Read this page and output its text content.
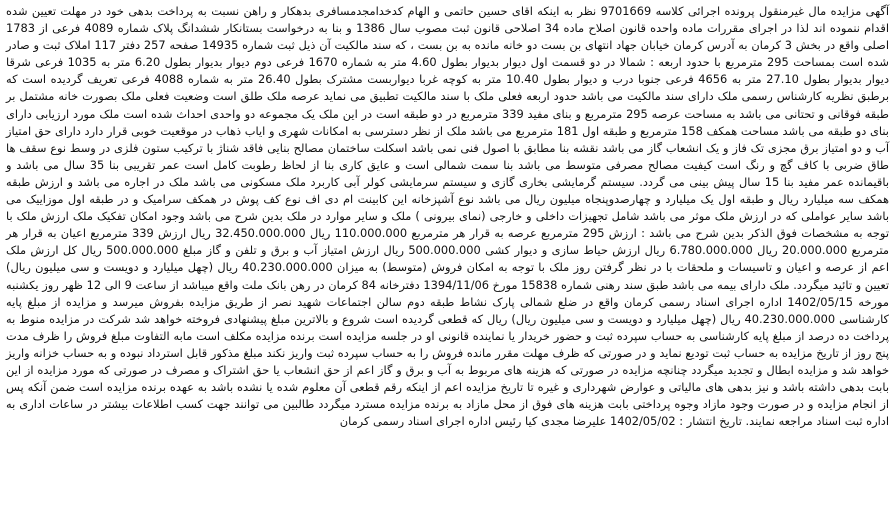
آگهی مزایده مال غیرمنقول پرونده اجرائی کلاسه 9701669 نظر به اینکه اقای حسین حاتمی و الهام کدخدامجدمسافری بدهکار و راهن نسبت به پرداخت بدهی خود در مهلت تعیین شده اقدام ننموده اند لذا در اجرای مقررات ماده واحده قانون اصلاح ماده 34 اصلاحی قانون ثبت مصوب سال 1386 و بنا به درخواست بستانکار ششدانگ پلاک شماره 4089 فرعی از 1783 اصلی واقع در بخش 3 کرمان به آدرس کرمان خیابان جهاد انتهای بن بست دو خانه مانده به بن بست ، که سند مالکیت آن ذیل ثبت شماره 14935 صفحه 257 دفتر 117 املاک ثبت و صادر شده است بمساحت 295 مترمربع با حدود اربعه : شمالا در دو قسمت اول دیوار بدیوار بطول 4.60 متر به شماره 1670 فرعی دوم دیوار بدیوار بطول 6.20 متر به 1035 فرعی شرقا دیوار بدیوار بطول 27.10 متر به 4656 فرعی جنوبا درب و دیوار بطول 10.40 متر به کوچه غربا دیواربست مشترک بطول 26.40 متر به شماره 4088 فرعی تعریف گردیده است که برطبق نظریه کارشناس رسمی ملک دارای سند مالکیت می باشد حدود اربعه فعلی ملک با سند مالکیت تطبیق می نماید عرصه ملک طلق است وضعیت فعلی ملک بصورت خانه مشتمل بر طبقه فوقانی و تحتانی می باشد به مساحت عرصه 295 مترمربع و بنای مفید 339 مترمربع در دو طبقه است در این ملک یک مجموعه دو واحدی احداث شده است ملک مورد ارزیابی دارای بنای دو طبقه می باشد مساحت همکف 158 مترمربع و طبقه اول 181 مترمربع می باشد ملک از نظر دسترسی به امکانات شهری و ایاب ذهاب در موقعیت خوبی قرار دارد دارای حق امتیاز آب و دو امتیاز برق مجزی تک فاز و یک انشعاب گاز می باشد نقشه بنا مطابق با اصول فنی نمی باشد اسکلت ساختمان مصالح بنایی فاقد شناژ با ترکیب ستون فلزی در وسط نوع سقف ها طاق ضربی با کاف گچ و رنگ است کیفیت مصالح مصرفی متوسط می باشد بنا سمت شمالی است و عایق کاری بنا از لحاظ رطوبت کامل است عمر تقریبی بنا 35 سال می باشد و باقیمانده عمر مفید بنا 15 سال پیش بینی می گردد. سیستم گرمایشی بخاری گازی و سیستم سرمایشی کولر آبی کاربرد ملک مسکونی می باشد ملک در اجاره می باشد و ارزش طبقه همکف سه میلیارد ریال و طبقه اول یک میلیارد و چهارصدوپنجاه میلیون ریال می باشد نوع آشپزخانه این کابینت ام دی اف نوع کف پوش در همکف سرامیک و در طبقه اول موزاییک می باشد سایر عواملی که در ارزش ملک موثر می باشد شامل تجهیزات داخلی و خارجی (نمای بیرونی ) ملک و سایر موارد در ملک بدین شرح می باشد وجود امکان تفکیک ملک ارزش ملک با توجه به مشخصات فوق الذکر بدین شرح می باشد : ارزش 295 مترمربع عرصه به قرار هر مترمربع 110.000.000 ریال 32.450.000.000 ریال ارزش 339 مترمربع اعیان به قرار هر مترمربع 20.000.000 ریال 6.780.000.000 ریال ارزش حیاط سازی و دیوار کشی 500.000.000 ریال ارزش امتیاز آب و برق و تلفن و گاز مبلغ 500.000.000 ریال کل ارزش ملک اعم از عرصه و اعیان و تاسیسات و ملحقات با در نظر گرفتن روز ملک با توجه به امکان فروش (متوسط) به میزان 40.230.000.000 ریال (چهل میلیارد و دویست و سی میلیون ریال) تعیین و تائید میگردد. ملک دارای بیمه می باشد طبق سند رهنی شماره 15838 مورخ 1394/11/06 دفترخانه 84 کرمان در رهن بانک ملت واقع میباشد از ساعت 9 الی 12 ظهر روز یکشنبه مورخه 1402/05/15 اداره اجرای اسناد رسمی کرمان واقع در ضلع شمالی پارک نشاط طبقه دوم سالن اجتماعات شهید نصر از طریق مزایده بفروش میرسد و مزایده از مبلغ پایه کارشناسی 40.230.000.000 ریال (چهل میلیارد و دویست و سی میلیون ریال) ریال که قطعی گردیده است شروع و بالاترین مبلغ پیشنهادی فروخته خواهد شد شرکت در مزایده منوط به پرداخت ده درصد از مبلغ پایه کارشناسی به حساب سپرده ثبت و حضور خریدار یا نماینده قانونی او در جلسه مزایده است برنده مزایده مکلف است مابه التفاوت مبلغ فروش را ظرف مدت پنج روز از تاریخ مزایده به حساب ثبت تودیع نماید و در صورتی که ظرف مهلت مقرر مانده فروش را به حساب سپرده ثبت واریز نکند مبلغ مذکور قابل استرداد نبوده و به حساب خزانه واریز خواهد شد و مزایده ابطال و تجدید میگردد چنانچه مزایده در صورتی که هزینه های مربوط به آب و برق و گاز اعم از حق انشعاب یا حق اشتراک و مصرف در صورتی که مورد مزایده از این بابت بدهی داشته باشد و نیز بدهی های مالیاتی و عوارض شهرداری و غیره تا تاریخ مزایده اعم از اینکه رقم قطعی آن معلوم شده یا نشده باشد به عهده برنده مزایده است ضمن آنکه پس از انجام مزایده و در صورت وجود مازاد وجوه پرداختی بابت هزینه های فوق از محل مازاد به برنده مزایده مسترد میگردد طالبین می توانند جهت کسب اطلاعات بیشتر در ساعات اداری به اداره ثبت اسناد مراجعه نمایند. تاریخ انتشار : 1402/05/02 علیرضا مجدی کیا رئیس اداره اجرای اسناد رسمی کرمان
